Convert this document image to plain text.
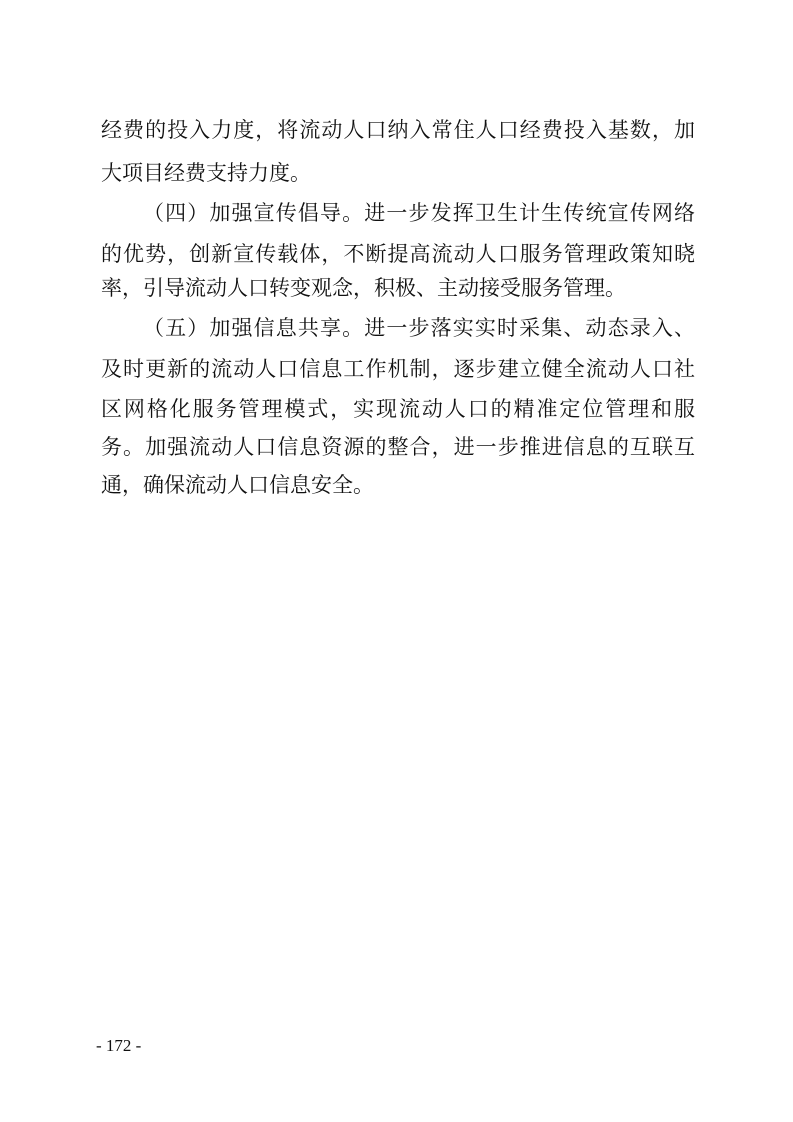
经费的投入力度，将流动人口纳入常住人口经费投入基数，加
大项目经费支持力度。
（四）加强宣传倡导。进一步发挥卫生计生传统宣传网络
的优势，创新宣传载体，不断提高流动人口服务管理政策知晓
率，引导流动人口转变观念，积极、主动接受服务管理。
（五）加强信息共享。进一步落实实时采集、动态录入、
及时更新的流动人口信息工作机制，逐步建立健全流动人口社
区网格化服务管理模式，实现流动人口的精准定位管理和服
务。加强流动人口信息资源的整合，进一步推进信息的互联互
通，确保流动人口信息安全。
- 172 -
